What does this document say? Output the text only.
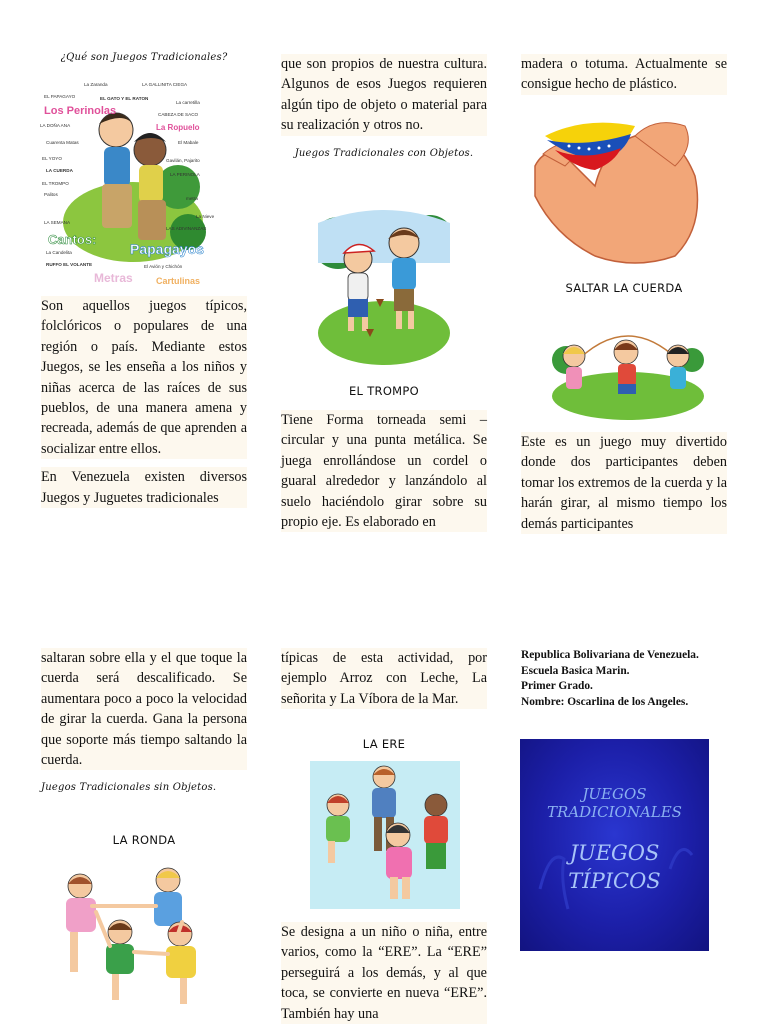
¿Qué son Juegos Tradicionales?
La Zaranda	LA GALLINITA CIEGA
EL PAPAGAYO	EL GATO Y EL RATON
La carretilla
Los Perinolas	CABEZA DE SACO
LA DOÑA ANA	La Ropuelo
Cuarenta Matas	El Mabale
EL YOYO	Gavilán, Pajarito
LA CUERDA
LA PERINOLA
EL TROMPO
Palitos
metra
LA SEMANA
La Nieve
LAS ADIVINANZAS
La Candelita
RUFFO EL VOLANTE	El Avión y Chichón
Cantos:
Papagayos
Metras	Cartulinas

Son aquellos juegos típicos, folclóricos o populares de una región o país. Mediante estos Juegos, se les enseña a los niños y niñas acerca de las raíces de sus pueblos, de una manera amena y recreada, además de que aprenden a socializar entre ellos.

En Venezuela existen diversos Juegos y Juguetes tradicionales

que son propios de nuestra cultura. Algunos de esos Juegos requieren algún tipo de objeto o material para su realización y otros no.

Juegos Tradicionales con Objetos.
EL TROMPO

Tiene Forma torneada semi – circular y una punta metálica. Se juega enrollándose un cordel o guaral alrededor y lanzándolo al suelo haciéndolo girar sobre su propio eje. Es elaborado en

madera o totuma. Actualmente se consigue hecho de plástico.

SALTAR LA CUERDA

Este es un juego muy divertido donde dos participantes deben tomar los extremos de la cuerda y la harán girar, al mismo tiempo los demás participantes

saltaran sobre ella y el que toque la cuerda será descalificado. Se aumentara poco a poco la velocidad de girar la cuerda. Gana la persona que soporte más tiempo saltando la cuerda.

Juegos Tradicionales sin Objetos.
LA RONDA

típicas de esta actividad, por ejemplo Arroz con Leche, La señorita y La Víbora de la Mar.

LA ERE

Se designa a un niño o niña, entre varios, como la “ERE”. La “ERE” perseguirá a los demás, y al que toca, se convierte en nueva “ERE”. También hay una

Republica Bolivariana de Venezuela.

Escuela Basica Marin.

Primer Grado.

Nombre: Oscarlina de los Angeles.

JUEGOS
TRADICIONALES
JUEGOS
TÍPICOS
